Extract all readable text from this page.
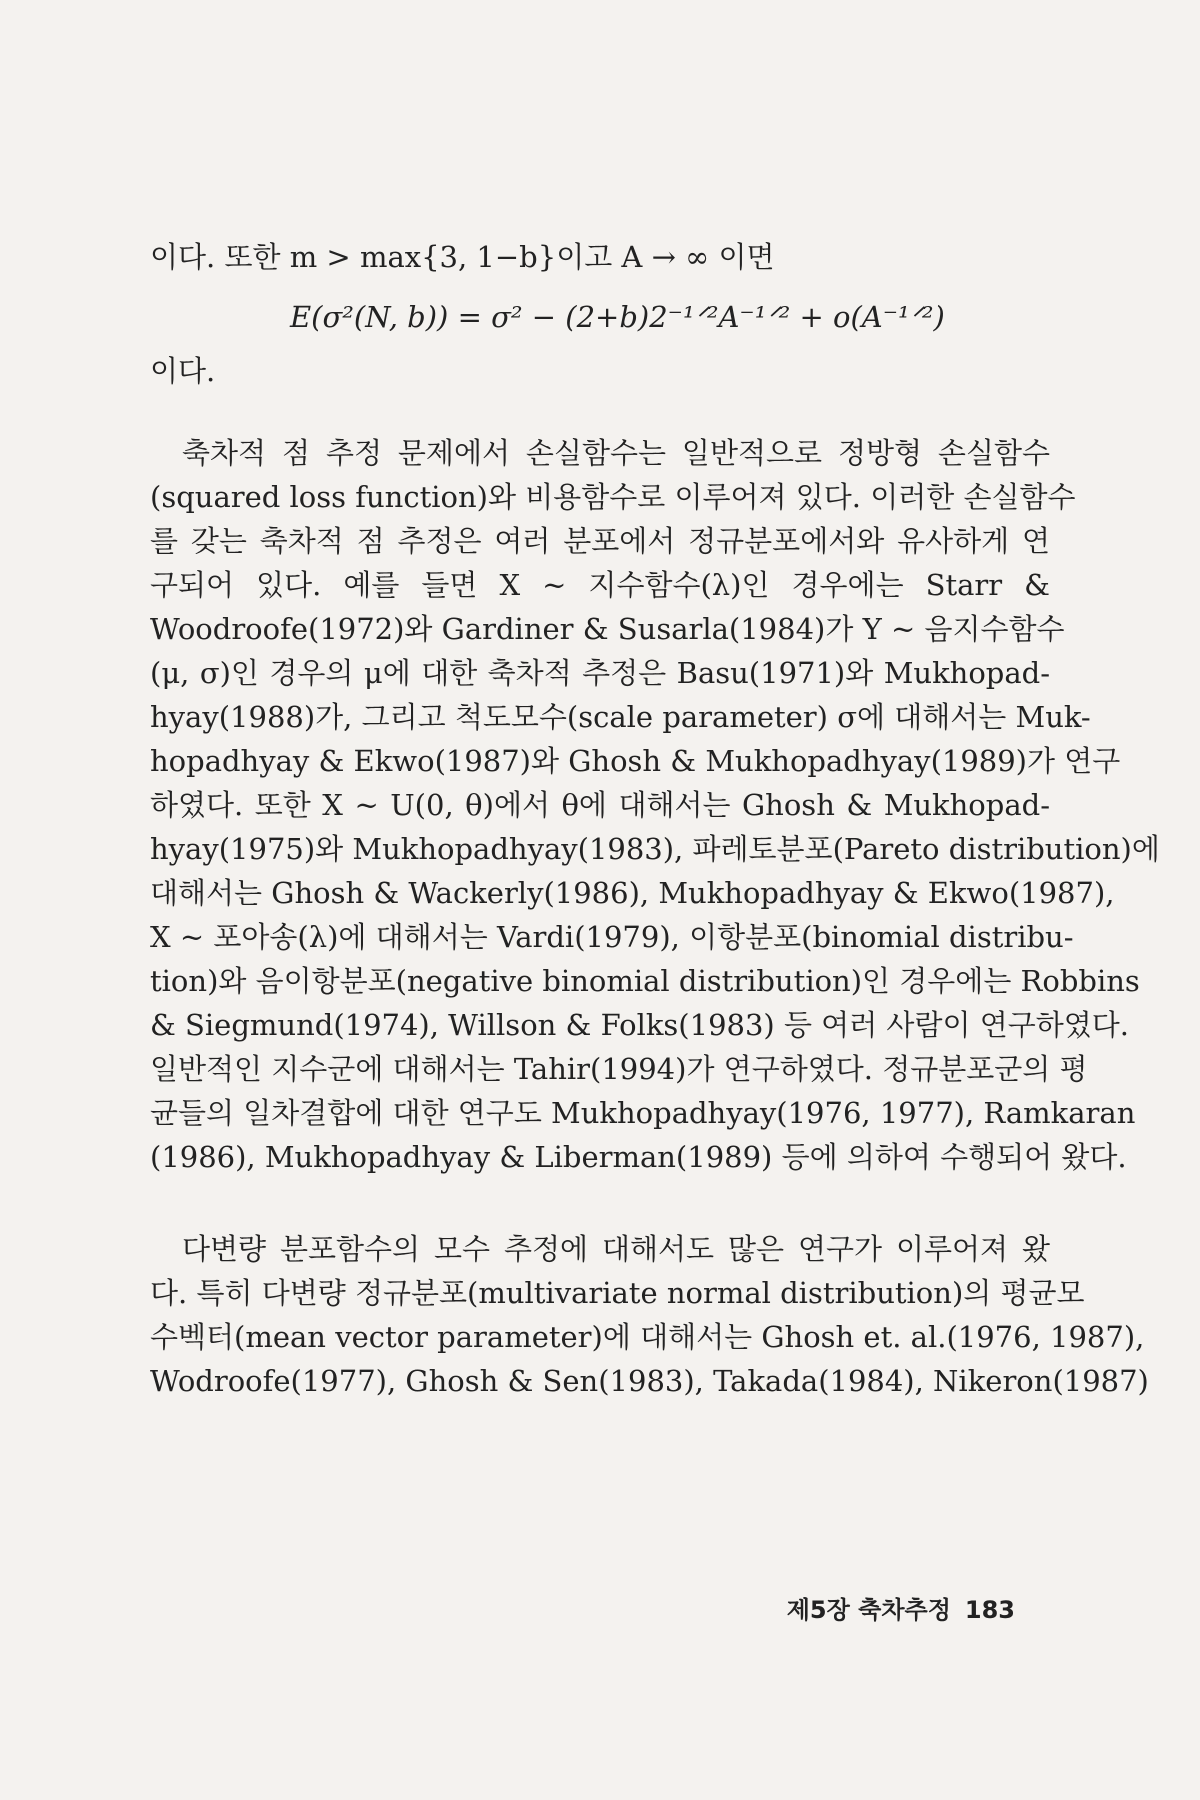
이다. 또한 m > max{3, 1−b}이고 A → ∞ 이면
E(σ²(N, b)) = σ² − (2+b)2⁻¹ᐟ²A⁻¹ᐟ² + o(A⁻¹ᐟ²)
이다.
축차적 점 추정 문제에서 손실함수는 일반적으로 정방형 손실함수
(squared loss function)와 비용함수로 이루어져 있다. 이러한 손실함수
를 갖는 축차적 점 추정은 여러 분포에서 정규분포에서와 유사하게 연
구되어 있다. 예를 들면 X ~ 지수함수(λ)인 경우에는 Starr &
Woodroofe(1972)와 Gardiner & Susarla(1984)가 Y ~ 음지수함수
(μ, σ)인 경우의 μ에 대한 축차적 추정은 Basu(1971)와 Mukhopad-
hyay(1988)가, 그리고 척도모수(scale parameter) σ에 대해서는 Muk-
hopadhyay & Ekwo(1987)와 Ghosh & Mukhopadhyay(1989)가 연구
하였다. 또한 X ~ U(0, θ)에서 θ에 대해서는 Ghosh & Mukhopad-
hyay(1975)와 Mukhopadhyay(1983), 파레토분포(Pareto distribution)에
대해서는 Ghosh & Wackerly(1986), Mukhopadhyay & Ekwo(1987),
X ~ 포아송(λ)에 대해서는 Vardi(1979), 이항분포(binomial distribu-
tion)와 음이항분포(negative binomial distribution)인 경우에는 Robbins
& Siegmund(1974), Willson & Folks(1983) 등 여러 사람이 연구하였다.
일반적인 지수군에 대해서는 Tahir(1994)가 연구하였다. 정규분포군의 평
균들의 일차결합에 대한 연구도 Mukhopadhyay(1976, 1977), Ramkaran
(1986), Mukhopadhyay & Liberman(1989) 등에 의하여 수행되어 왔다.
다변량 분포함수의 모수 추정에 대해서도 많은 연구가 이루어져 왔
다. 특히 다변량 정규분포(multivariate normal distribution)의 평균모
수벡터(mean vector parameter)에 대해서는 Ghosh et. al.(1976, 1987),
Wodroofe(1977), Ghosh & Sen(1983), Takada(1984), Nikeron(1987)
제5장 축차추정 183
